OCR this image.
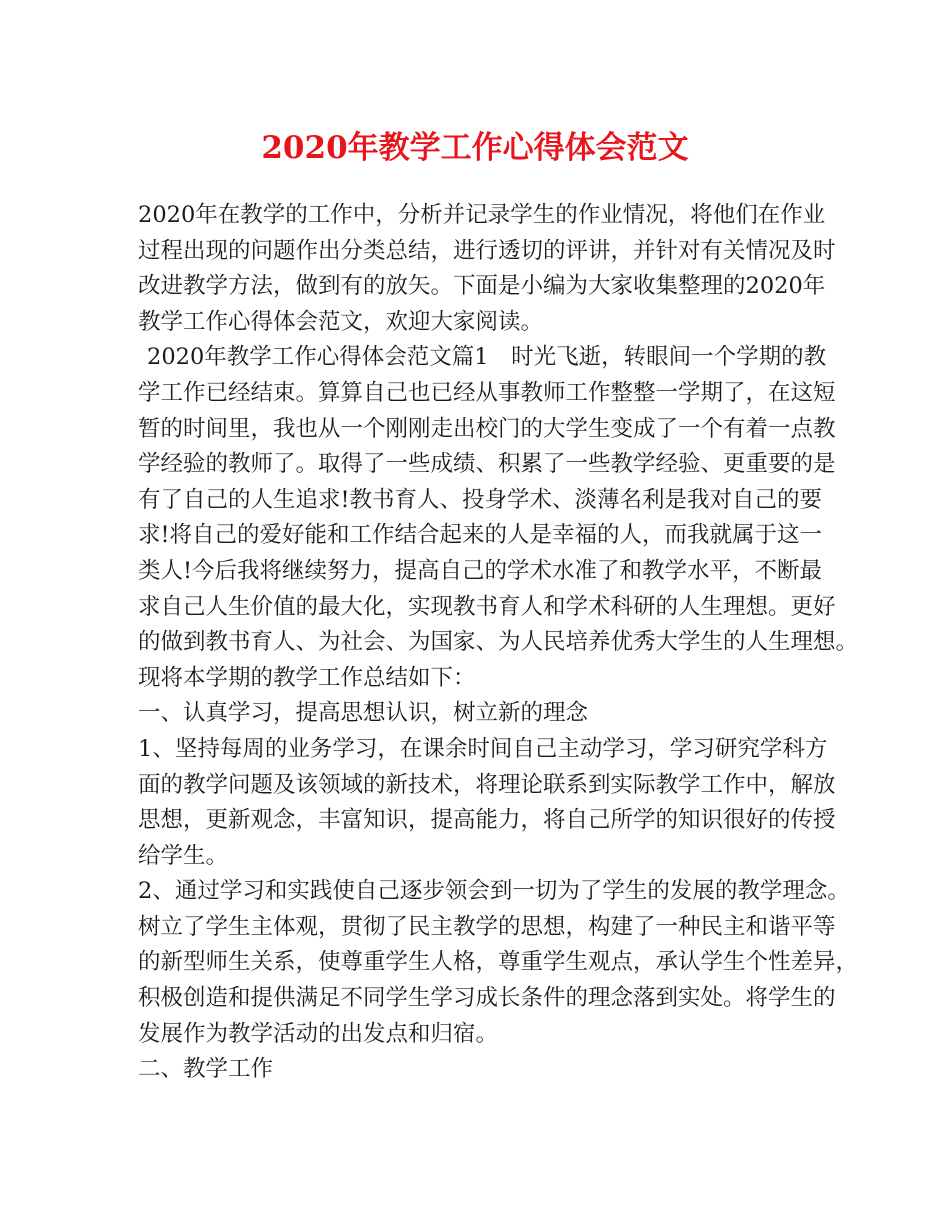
2020年教学工作心得体会范文
2020年在教学的工作中，分析并记录学生的作业情况，将他们在作业
过程出现的问题作出分类总结，进行透切的评讲，并针对有关情况及时
改进教学方法，做到有的放矢。下面是小编为大家收集整理的2020年
教学工作心得体会范文，欢迎大家阅读。
2020年教学工作心得体会范文篇1　时光飞逝，转眼间一个学期的教
学工作已经结束。算算自己也已经从事教师工作整整一学期了，在这短
暂的时间里，我也从一个刚刚走出校门的大学生变成了一个有着一点教
学经验的教师了。取得了一些成绩、积累了一些教学经验、更重要的是
有了自己的人生追求!教书育人、投身学术、淡薄名利是我对自己的要
求!将自己的爱好能和工作结合起来的人是幸福的人，而我就属于这一
类人!今后我将继续努力，提高自己的学术水准了和教学水平，不断最
求自己人生价值的最大化，实现教书育人和学术科研的人生理想。更好
的做到教书育人、为社会、为国家、为人民培养优秀大学生的人生理想。
现将本学期的教学工作总结如下：
一、认真学习，提高思想认识，树立新的理念
1、坚持每周的业务学习，在课余时间自己主动学习，学习研究学科方
面的教学问题及该领域的新技术，将理论联系到实际教学工作中，解放
思想，更新观念，丰富知识，提高能力，将自己所学的知识很好的传授
给学生。
2、通过学习和实践使自己逐步领会到一切为了学生的发展的教学理念。
树立了学生主体观，贯彻了民主教学的思想，构建了一种民主和谐平等
的新型师生关系，使尊重学生人格，尊重学生观点，承认学生个性差异，
积极创造和提供满足不同学生学习成长条件的理念落到实处。将学生的
发展作为教学活动的出发点和归宿。
二、教学工作
